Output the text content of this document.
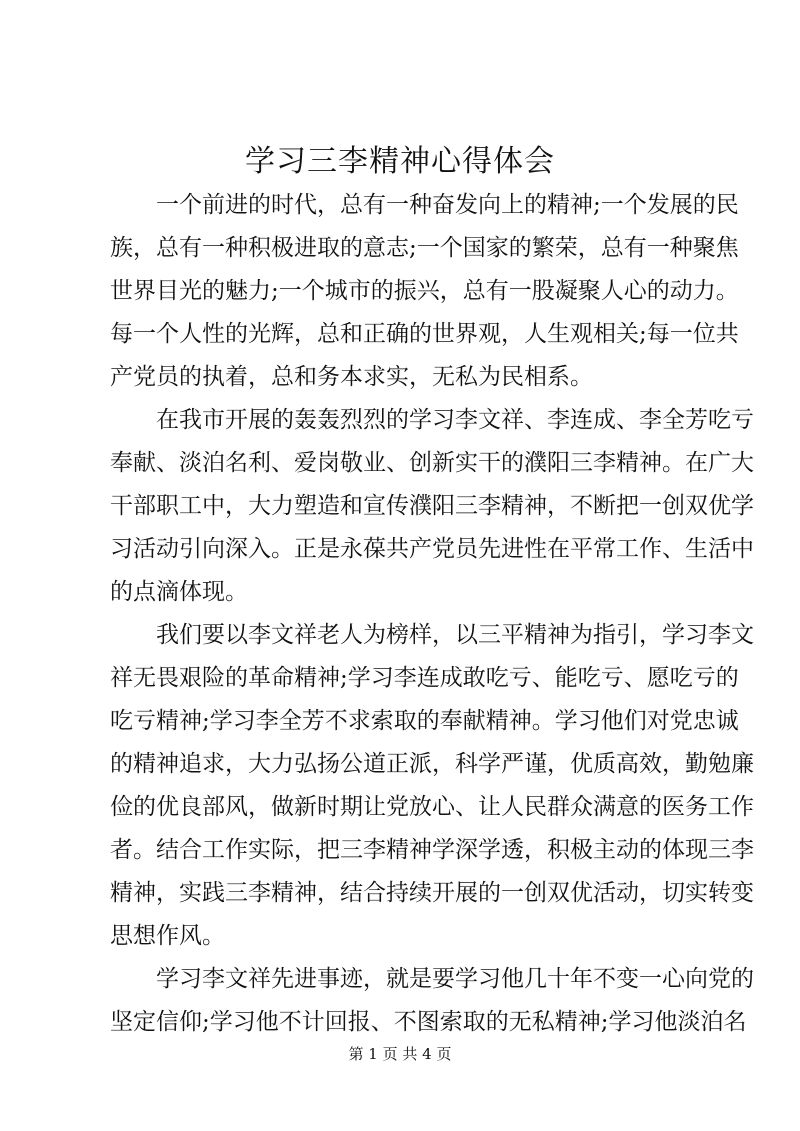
学习三李精神心得体会
一个前进的时代，总有一种奋发向上的精神;一个发展的民
族，总有一种积极进取的意志;一个国家的繁荣，总有一种聚焦
世界目光的魅力;一个城市的振兴，总有一股凝聚人心的动力。
每一个人性的光辉，总和正确的世界观，人生观相关;每一位共
产党员的执着，总和务本求实，无私为民相系。
在我市开展的轰轰烈烈的学习李文祥、李连成、李全芳吃亏
奉献、淡泊名利、爱岗敬业、创新实干的濮阳三李精神。在广大
干部职工中，大力塑造和宣传濮阳三李精神，不断把一创双优学
习活动引向深入。正是永葆共产党员先进性在平常工作、生活中
的点滴体现。
我们要以李文祥老人为榜样，以三平精神为指引，学习李文
祥无畏艰险的革命精神;学习李连成敢吃亏、能吃亏、愿吃亏的
吃亏精神;学习李全芳不求索取的奉献精神。学习他们对党忠诚
的精神追求，大力弘扬公道正派，科学严谨，优质高效，勤勉廉
俭的优良部风，做新时期让党放心、让人民群众满意的医务工作
者。结合工作实际，把三李精神学深学透，积极主动的体现三李
精神，实践三李精神，结合持续开展的一创双优活动，切实转变
思想作风。
学习李文祥先进事迹，就是要学习他几十年不变一心向党的
坚定信仰;学习他不计回报、不图索取的无私精神;学习他淡泊名
第 1 页 共 4 页
